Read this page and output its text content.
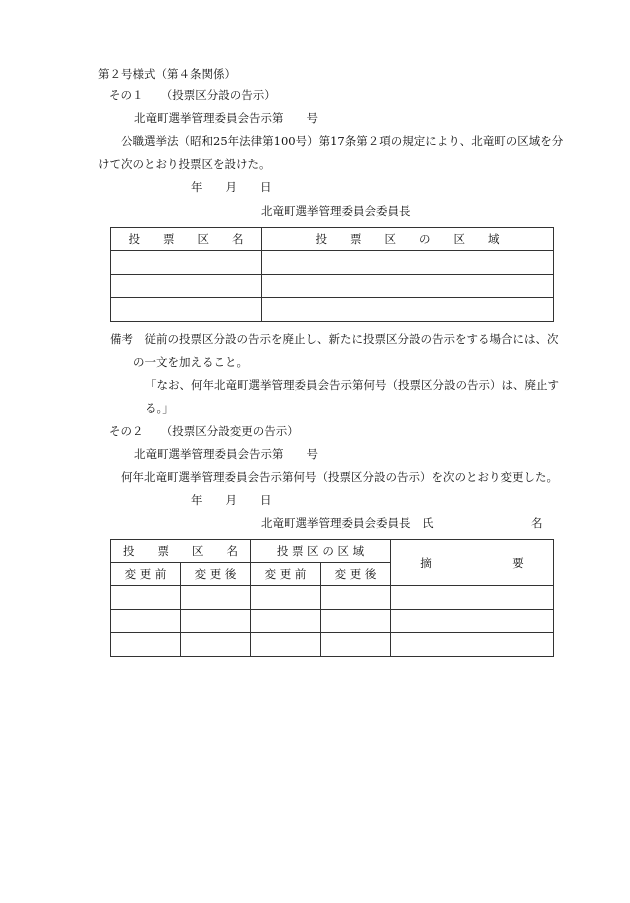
第２号様式（第４条関係）
その１　　（投票区分設の告示）
北竜町選挙管理委員会告示第　　号
公職選挙法（昭和25年法律第100号）第17条第２項の規定により、北竜町の区域を分
けて次のとおり投票区を設けた。
年　　月　　日
北竜町選挙管理委員会委員長
投　　票　　区　　名	投　　票　　区　　の　　区　　域

備考　従前の投票区分設の告示を廃止し、新たに投票区分設の告示をする場合には、次
の一文を加えること。
「なお、何年北竜町選挙管理委員会告示第何号（投票区分設の告示）は、廃止す
る。」
その２　　（投票区分設変更の告示）
北竜町選挙管理委員会告示第　　号
何年北竜町選挙管理委員会告示第何号（投票区分設の告示）を次のとおり変更した。
年　　月　　日
北竜町選挙管理委員会委員長　氏	名
投　　票　　区　　名		投 票 区 の 区 域		摘　　　　　　　要
変 更 前	変 更 後	変 更 前	変 更 後	
